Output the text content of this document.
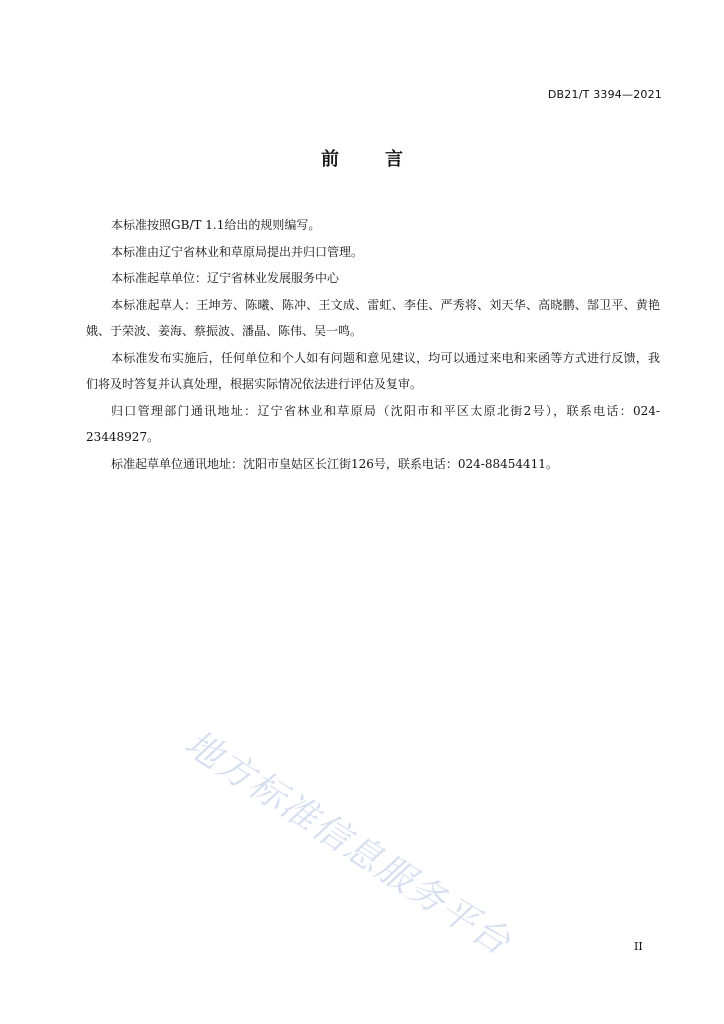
DB21/T 3394—2021
前言

本标准按照GB/T 1.1给出的规则编写。

本标准由辽宁省林业和草原局提出并归口管理。

本标准起草单位：辽宁省林业发展服务中心

本标准起草人：王坤芳、陈曦、陈冲、王文成、雷虹、李佳、严秀将、刘天华、高晓鹏、郜卫平、黄艳娥、于荣波、姜海、蔡振波、潘晶、陈伟、吴一鸣。

本标准发布实施后，任何单位和个人如有问题和意见建议，均可以通过来电和来函等方式进行反馈，我们将及时答复并认真处理，根据实际情况依法进行评估及复审。

归口管理部门通讯地址：辽宁省林业和草原局（沈阳市和平区太原北街2号），联系电话：024-23448927。

标准起草单位通讯地址：沈阳市皇姑区长江街126号，联系电话：024-88454411。

地方标准信息服务平台	II
